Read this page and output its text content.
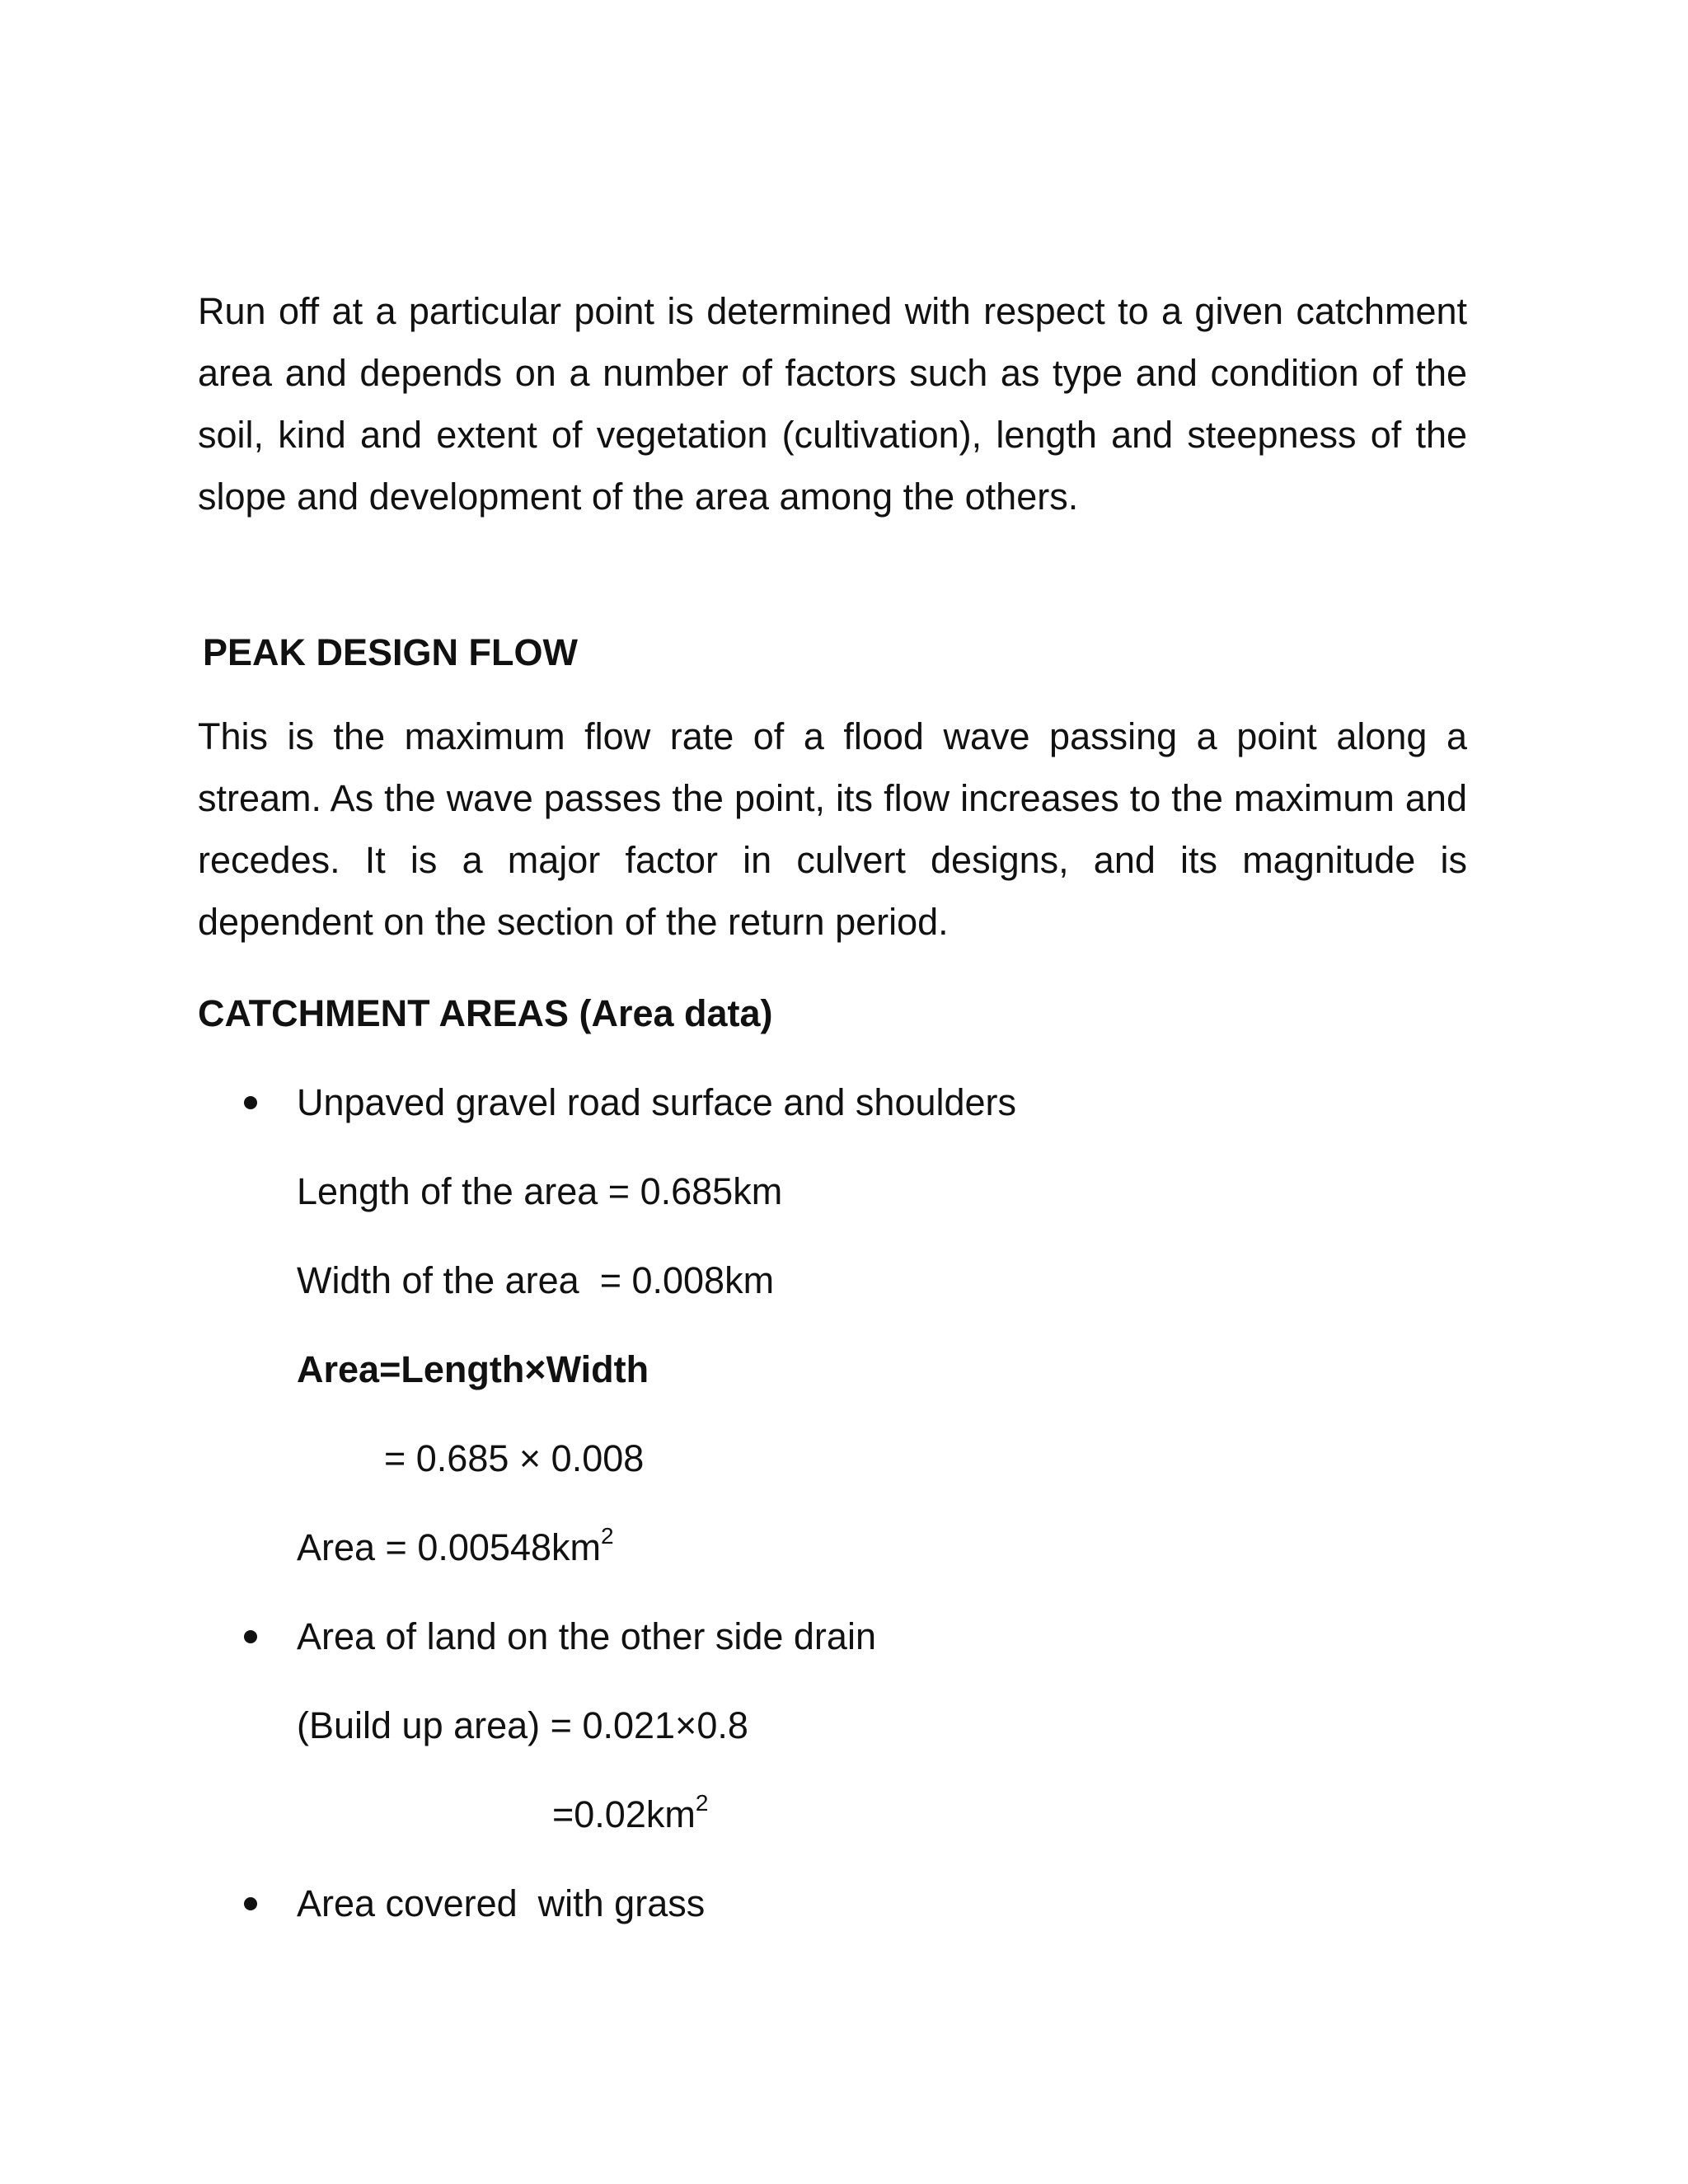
Run off at a particular point is determined with respect to a given catchment area and depends on a number of factors such as type and condition of the soil, kind and extent of vegetation (cultivation), length and steepness of the slope and development of the area among the others.

PEAK DESIGN FLOW

This is the maximum flow rate of a flood wave passing a point along a stream. As the wave passes the point, its flow increases to the maximum and recedes. It is a major factor in culvert designs, and its magnitude is dependent on the section of the return period.

CATCHMENT AREAS (Area data)

Unpaved gravel road surface and shoulders

Length of the area = 0.685km

Width of the area  = 0.008km

Area=Length×Width

= 0.685 × 0.008

Area = $0.00548km^2$

Area of land on the other side drain

(Build up area) = 0.021×0.8

$=0.02km^2$

Area covered  with grass
